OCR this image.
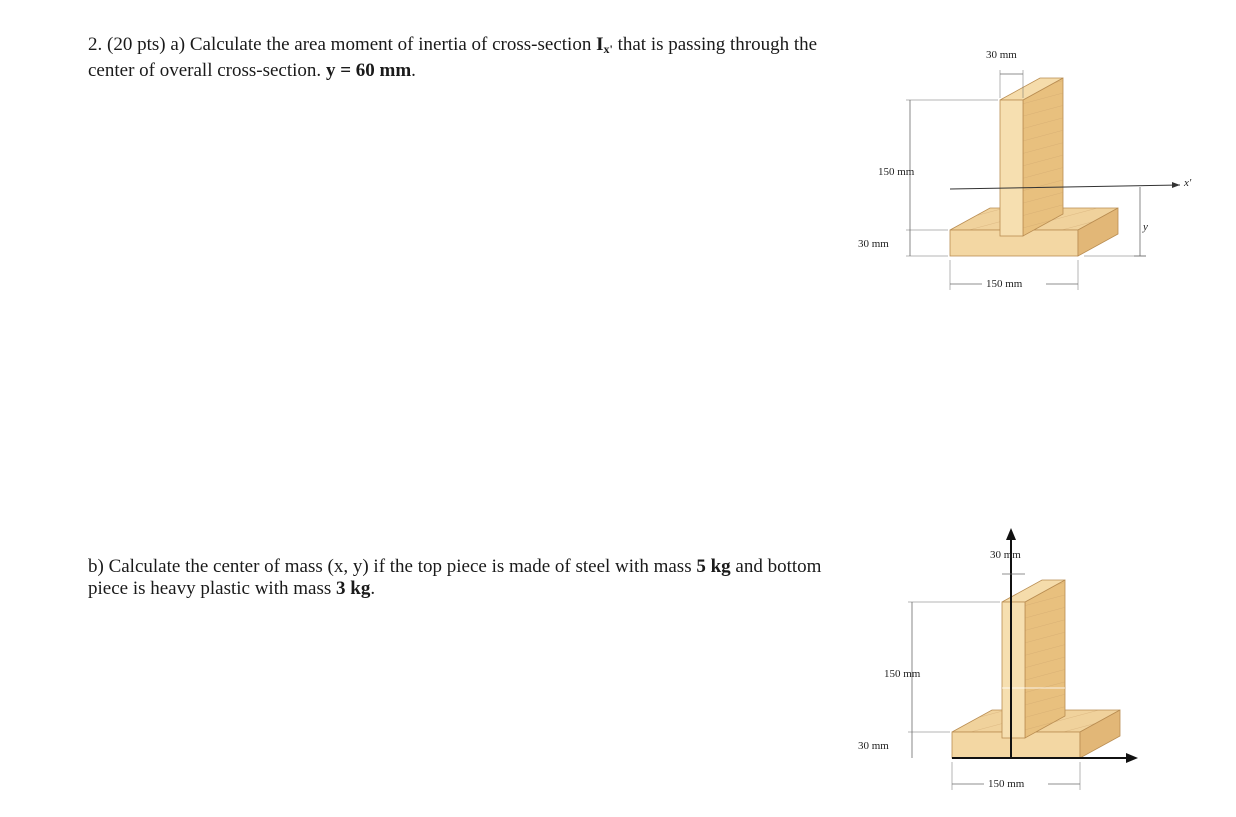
2. (20 pts) a) Calculate the area moment of inertia of cross-section $I_{x'}$ that is passing through the center of overall cross-section. y = 60 mm.
b) Calculate the center of mass (x, y) if the top piece is made of steel with mass 5 kg and bottom piece is heavy plastic with mass 3 kg.
x'
y
30 mm
150 mm
30 mm
150 mm
30 mm
150 mm
30 mm
150 mm
